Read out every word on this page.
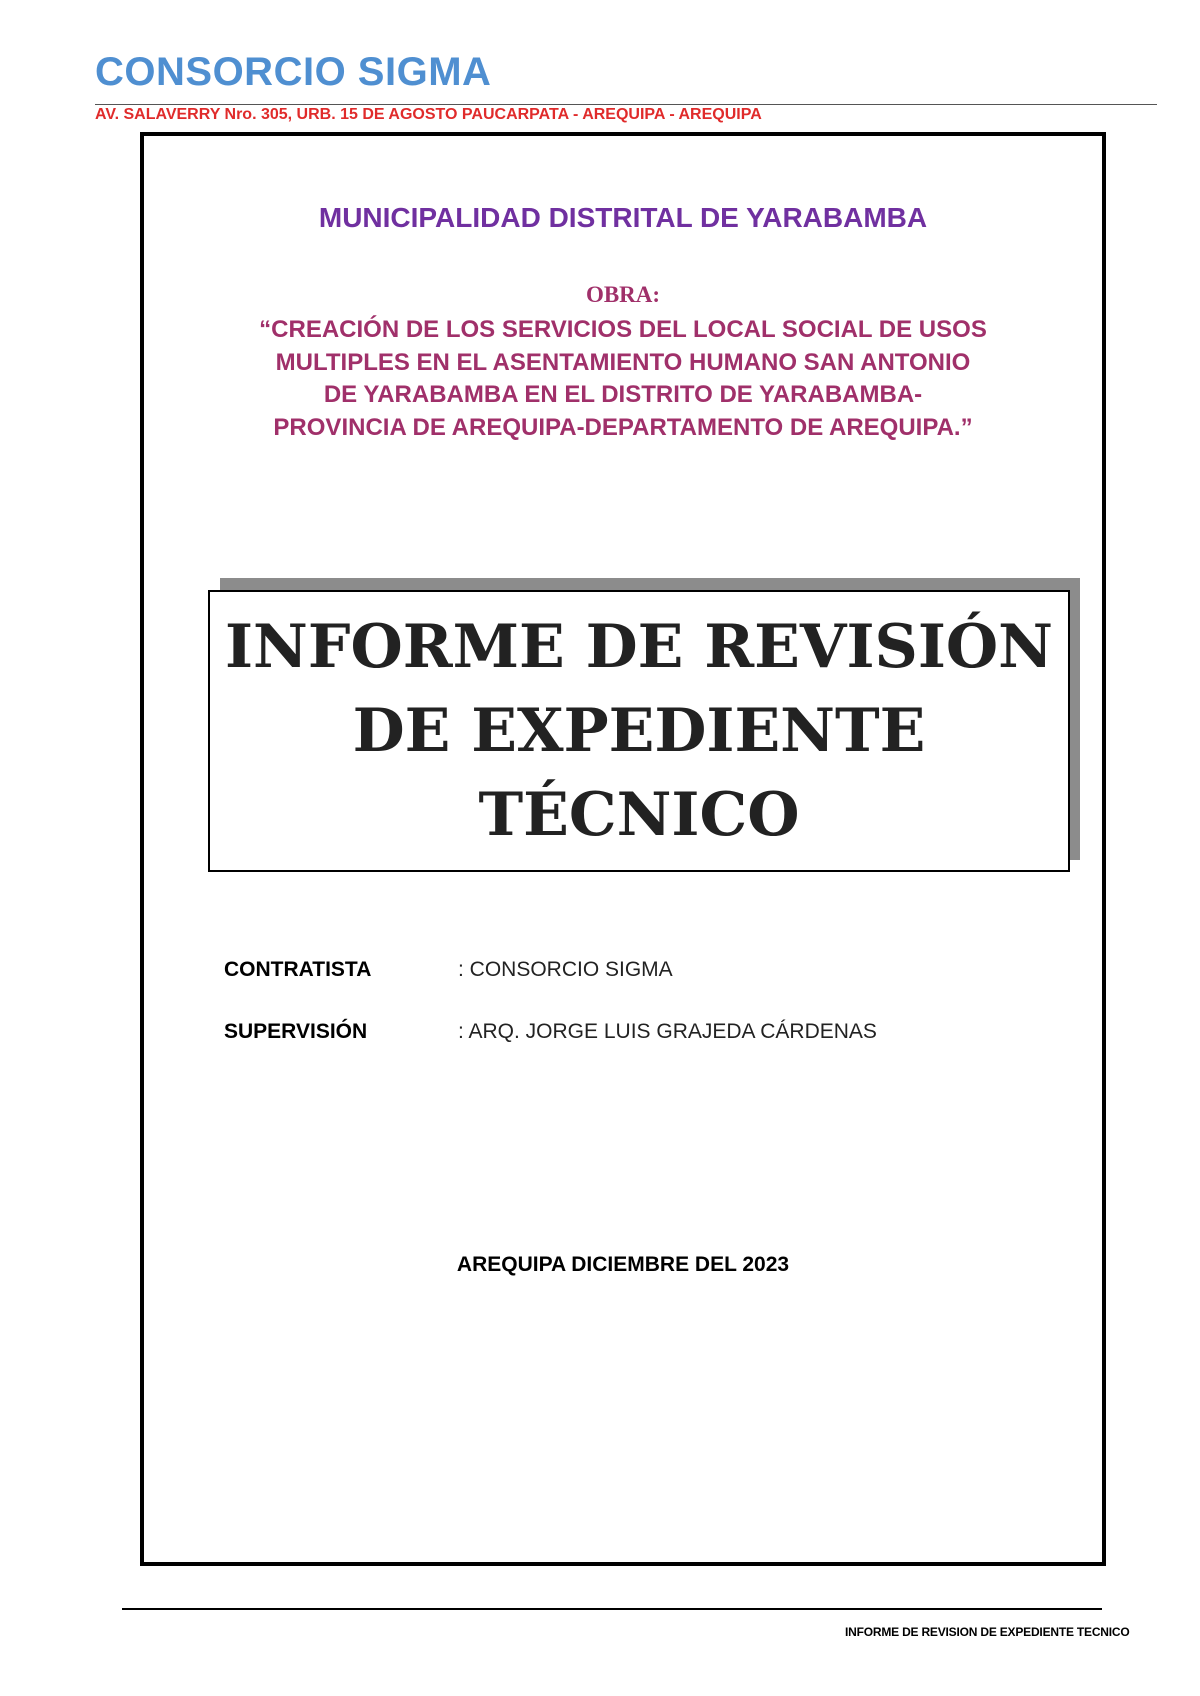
CONSORCIO SIGMA
AV. SALAVERRY Nro. 305, URB. 15 DE AGOSTO PAUCARPATA - AREQUIPA - AREQUIPA
MUNICIPALIDAD DISTRITAL DE YARABAMBA
OBRA:
“CREACIÓN DE LOS SERVICIOS DEL LOCAL SOCIAL DE USOS
MULTIPLES EN EL ASENTAMIENTO HUMANO SAN ANTONIO
DE YARABAMBA EN EL DISTRITO DE YARABAMBA-
PROVINCIA DE AREQUIPA-DEPARTAMENTO DE AREQUIPA.”
INFORME DE REVISIÓN
DE EXPEDIENTE
TÉCNICO
CONTRATISTA	: CONSORCIO SIGMA
SUPERVISIÓN	: ARQ. JORGE LUIS GRAJEDA CÁRDENAS
AREQUIPA DICIEMBRE DEL 2023
INFORME DE REVISION DE EXPEDIENTE TECNICO
